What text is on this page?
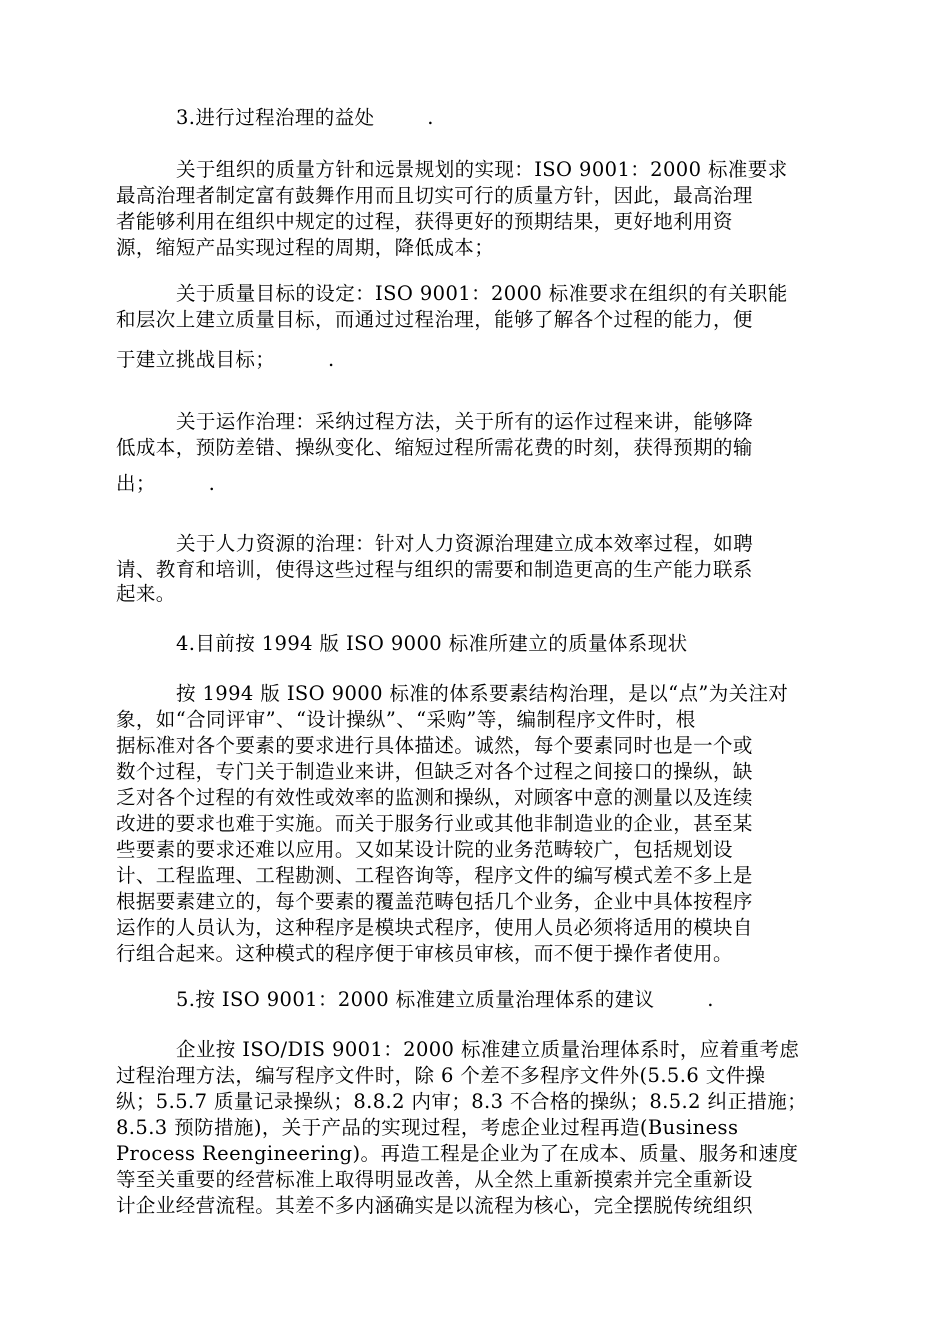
3.进行过程治理的益处        .
关于组织的质量方针和远景规划的实现：ISO 9001：2000 标准要求
最高治理者制定富有鼓舞作用而且切实可行的质量方针，因此，最高治理
者能够利用在组织中规定的过程，获得更好的预期结果，更好地利用资
源，缩短产品实现过程的周期，降低成本；
关于质量目标的设定：ISO 9001：2000 标准要求在组织的有关职能
和层次上建立质量目标，而通过过程治理，能够了解各个过程的能力，便
于建立挑战目标；        .
关于运作治理：采纳过程方法，关于所有的运作过程来讲，能够降
低成本，预防差错、操纵变化、缩短过程所需花费的时刻，获得预期的输
出；        .
关于人力资源的治理：针对人力资源治理建立成本效率过程，如聘
请、教育和培训，使得这些过程与组织的需要和制造更高的生产能力联系
起来。
4.目前按 1994 版 ISO 9000 标准所建立的质量体系现状
按 1994 版 ISO 9000 标准的体系要素结构治理，是以“点”为关注对
象，如“合同评审”、“设计操纵”、“采购”等，编制程序文件时，根
据标准对各个要素的要求进行具体描述。诚然，每个要素同时也是一个或
数个过程，专门关于制造业来讲，但缺乏对各个过程之间接口的操纵，缺
乏对各个过程的有效性或效率的监测和操纵，对顾客中意的测量以及连续
改进的要求也难于实施。而关于服务行业或其他非制造业的企业，甚至某
些要素的要求还难以应用。又如某设计院的业务范畴较广，包括规划设
计、工程监理、工程勘测、工程咨询等，程序文件的编写模式差不多上是
根据要素建立的，每个要素的覆盖范畴包括几个业务，企业中具体按程序
运作的人员认为，这种程序是模块式程序，使用人员必须将适用的模块自
行组合起来。这种模式的程序便于审核员审核，而不便于操作者使用。
5.按 ISO 9001：2000 标准建立质量治理体系的建议        .
企业按 ISO/DIS 9001：2000 标准建立质量治理体系时，应着重考虑
过程治理方法，编写程序文件时，除 6 个差不多程序文件外(5.5.6 文件操
纵；5.5.7 质量记录操纵；8.8.2 内审；8.3 不合格的操纵；8.5.2 纠正措施；
8.5.3 预防措施)，关于产品的实现过程，考虑企业过程再造(Business
Process Reengineering)。再造工程是企业为了在成本、质量、服务和速度
等至关重要的经营标准上取得明显改善，从全然上重新摸索并完全重新设
计企业经营流程。其差不多内涵确实是以流程为核心，完全摆脱传统组织
